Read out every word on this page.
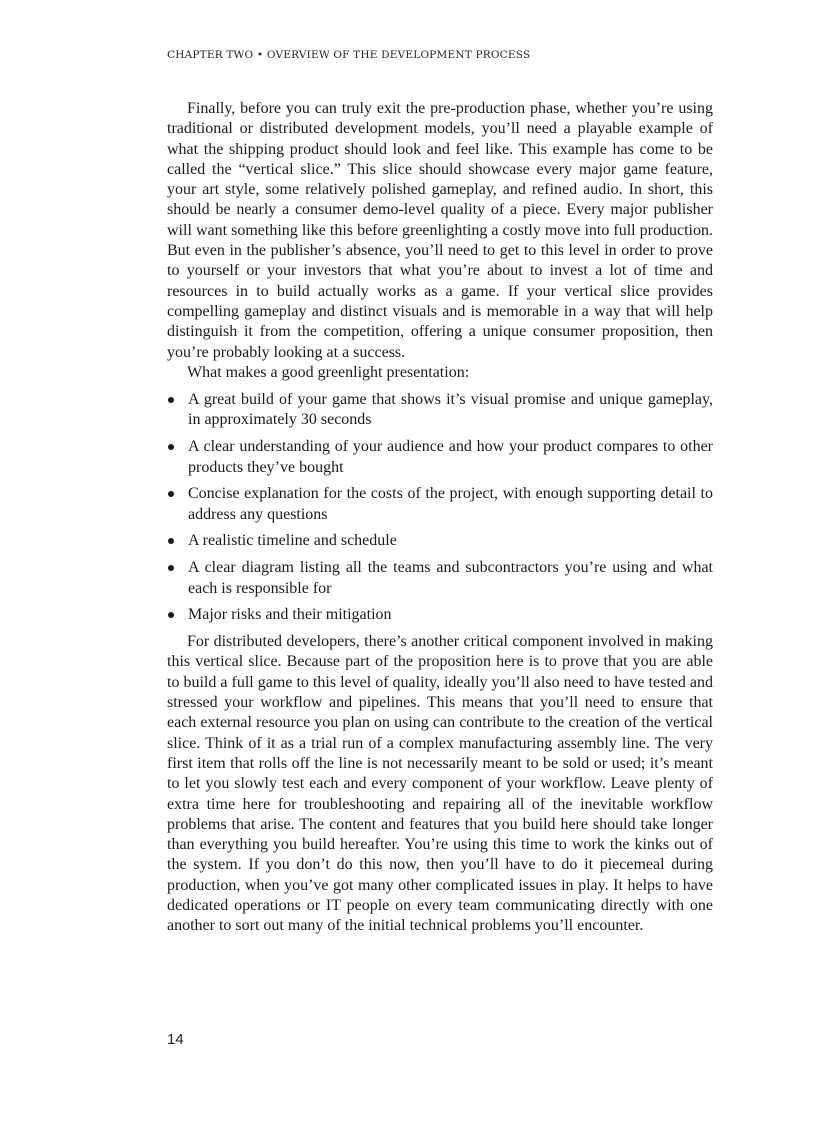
CHAPTER TWO • OVERVIEW OF THE DEVELOPMENT PROCESS

Finally, before you can truly exit the pre-production phase, whether you’re using traditional or distributed development models, you’ll need a playable example of what the shipping product should look and feel like. This example has come to be called the “vertical slice.” This slice should showcase every major game feature, your art style, some relatively polished gameplay, and refined audio. In short, this should be nearly a consumer demo-level quality of a piece. Every major publisher will want something like this before greenlighting a costly move into full production. But even in the publisher’s absence, you’ll need to get to this level in order to prove to yourself or your investors that what you’re about to invest a lot of time and resources in to build actually works as a game. If your vertical slice provides compelling gameplay and distinct visuals and is memorable in a way that will help distinguish it from the competition, offering a unique consumer proposition, then you’re probably looking at a success.

What makes a good greenlight presentation:

A great build of your game that shows it’s visual promise and unique gameplay, in approximately 30 seconds
A clear understanding of your audience and how your product compares to other products they’ve bought
Concise explanation for the costs of the project, with enough supporting detail to address any questions
A realistic timeline and schedule
A clear diagram listing all the teams and subcontractors you’re using and what each is responsible for
Major risks and their mitigation

For distributed developers, there’s another critical component involved in making this vertical slice. Because part of the proposition here is to prove that you are able to build a full game to this level of quality, ideally you’ll also need to have tested and stressed your workflow and pipelines. This means that you’ll need to ensure that each external resource you plan on using can contribute to the creation of the vertical slice. Think of it as a trial run of a complex manufacturing assembly line. The very first item that rolls off the line is not necessarily meant to be sold or used; it’s meant to let you slowly test each and every component of your workflow. Leave plenty of extra time here for troubleshooting and repairing all of the inevitable workflow problems that arise. The content and features that you build here should take longer than everything you build hereafter. You’re using this time to work the kinks out of the system. If you don’t do this now, then you’ll have to do it piecemeal during production, when you’ve got many other complicated issues in play. It helps to have dedicated operations or IT people on every team communicating directly with one another to sort out many of the initial technical problems you’ll encounter.

14
